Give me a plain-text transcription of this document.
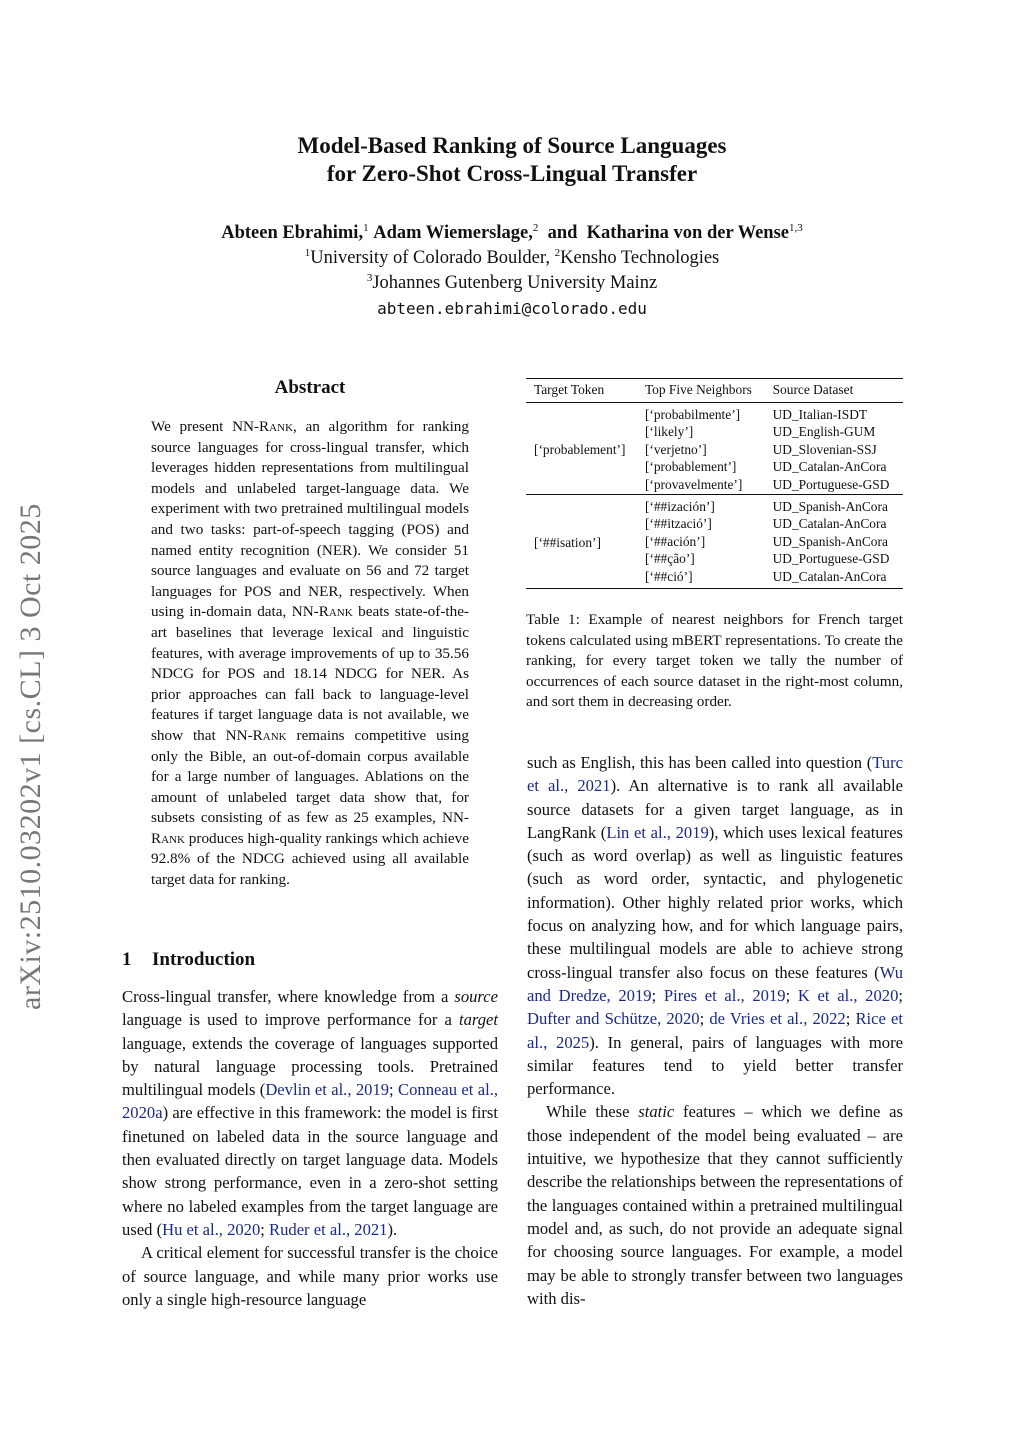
Model-Based Ranking of Source Languages
for Zero-Shot Cross-Lingual Transfer
Abteen Ebrahimi,$^1$ Adam Wiemerslage,$^2$ and Katharina von der Wense$^{1,3}$
$^1$University of Colorado Boulder, $^2$Kensho Technologies
$^3$Johannes Gutenberg University Mainz
abteen.ebrahimi@colorado.edu
arXiv:2510.03202v1 [cs.CL] 3 Oct 2025
Abstract

We present NN-Rank, an algorithm for ranking source languages for cross-lingual transfer, which leverages hidden representations from multilingual models and unlabeled target-language data. We experiment with two pretrained multilingual models and two tasks: part-of-speech tagging (POS) and named entity recognition (NER). We consider 51 source languages and evaluate on 56 and 72 target languages for POS and NER, respectively. When using in-domain data, NN-Rank beats state-of-the-art baselines that leverage lexical and linguistic features, with average improvements of up to 35.56 NDCG for POS and 18.14 NDCG for NER. As prior approaches can fall back to language-level features if target language data is not available, we show that NN-Rank remains competitive using only the Bible, an out-of-domain corpus available for a large number of languages. Ablations on the amount of unlabeled target data show that, for subsets consisting of as few as 25 examples, NN-Rank produces high-quality rankings which achieve 92.8% of the NDCG achieved using all available target data for ranking.

1 Introduction

Cross-lingual transfer, where knowledge from a source language is used to improve performance for a target language, extends the coverage of languages supported by natural language processing tools. Pretrained multilingual models (Devlin et al., 2019; Conneau et al., 2020a) are effective in this framework: the model is first finetuned on labeled data in the source language and then evaluated directly on target language data. Models show strong performance, even in a zero-shot setting where no labeled examples from the target language are used (Hu et al., 2020; Ruder et al., 2021).

A critical element for successful transfer is the choice of source language, and while many prior works use only a single high-resource language

Target Token	Top Five Neighbors	Source Dataset
[‘probablement’]	[‘probabilmente’]	UD_Italian-ISDT
	[‘likely’]	UD_English-GUM
	[‘verjetno’]	UD_Slovenian-SSJ
	[‘probablement’]	UD_Catalan-AnCora
	[‘provavelmente’]	UD_Portuguese-GSD
[‘##isation’]	[‘##ización’]	UD_Spanish-AnCora
	[‘##ització’]	UD_Catalan-AnCora
	[‘##ación’]	UD_Spanish-AnCora
	[‘##ção’]	UD_Portuguese-GSD
	[‘##ció’]	UD_Catalan-AnCora
Table 1: Example of nearest neighbors for French target tokens calculated using mBERT representations. To create the ranking, for every target token we tally the number of occurrences of each source dataset in the right-most column, and sort them in decreasing order.

such as English, this has been called into question (Turc et al., 2021). An alternative is to rank all available source datasets for a given target language, as in LangRank (Lin et al., 2019), which uses lexical features (such as word overlap) as well as linguistic features (such as word order, syntactic, and phylogenetic information). Other highly related prior works, which focus on analyzing how, and for which language pairs, these multilingual models are able to achieve strong cross-lingual transfer also focus on these features (Wu and Dredze, 2019; Pires et al., 2019; K et al., 2020; Dufter and Schütze, 2020; de Vries et al., 2022; Rice et al., 2025). In general, pairs of languages with more similar features tend to yield better transfer performance.

While these static features – which we define as those independent of the model being evaluated – are intuitive, we hypothesize that they cannot sufficiently describe the relationships between the representations of the languages contained within a pretrained multilingual model and, as such, do not provide an adequate signal for choosing source languages. For example, a model may be able to strongly transfer between two languages with dis-
